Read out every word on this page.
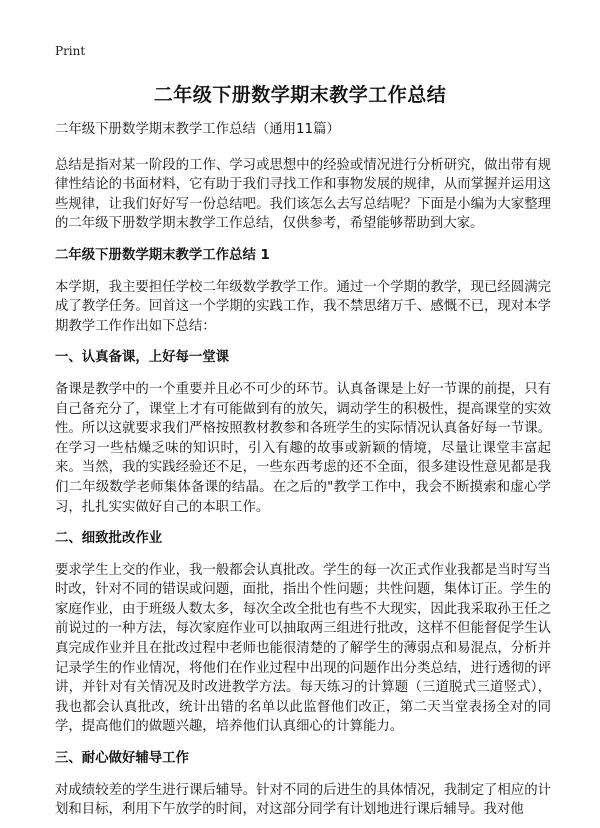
Print
二年级下册数学期末教学工作总结

二年级下册数学期末教学工作总结（通用11篇）

总结是指对某一阶段的工作、学习或思想中的经验或情况进行分析研究，做出带有规律性结论的书面材料，它有助于我们寻找工作和事物发展的规律，从而掌握并运用这些规律，让我们好好写一份总结吧。我们该怎么去写总结呢？下面是小编为大家整理的二年级下册数学期末教学工作总结，仅供参考，希望能够帮助到大家。

二年级下册数学期末教学工作总结 1

本学期，我主要担任学校二年级数学教学工作。通过一个学期的教学，现已经圆满完成了教学任务。回首这一个学期的实践工作，我不禁思绪万千、感慨不已，现对本学期教学工作作出如下总结：

一、认真备课，上好每一堂课

备课是教学中的一个重要并且必不可少的环节。认真备课是上好一节课的前提，只有自己备充分了，课堂上才有可能做到有的放矢，调动学生的积极性，提高课堂的实效性。所以这就要求我们严格按照教材教参和各班学生的实际情况认真备好每一节课。在学习一些枯燥乏味的知识时，引入有趣的故事或新颖的情境，尽量让课堂丰富起来。当然，我的实践经验还不足，一些东西考虑的还不全面，很多建设性意见都是我们二年级数学老师集体备课的结晶。在之后的"教学工作中，我会不断摸索和虚心学习，扎扎实实做好自己的本职工作。

二、细致批改作业

要求学生上交的作业，我一般都会认真批改。学生的每一次正式作业我都是当时写当时改，针对不同的错误或问题，面批，指出个性问题；共性问题，集体订正。学生的家庭作业，由于班级人数太多，每次全改全批也有些不大现实，因此我采取孙王任之前说过的一种方法，每次家庭作业可以抽取两三组进行批改，这样不但能督促学生认真完成作业并且在批改过程中老师也能很清楚的了解学生的薄弱点和易混点，分析并记录学生的作业情况，将他们在作业过程中出现的问题作出分类总结，进行透彻的评讲，并针对有关情况及时改进教学方法。每天练习的计算题（三道脱式三道竖式），我也都会认真批改，统计出错的名单以此监督他们改正，第二天当堂表扬全对的同学，提高他们的做题兴趣，培养他们认真细心的计算能力。

三、耐心做好辅导工作

对成绩较差的学生进行课后辅导。针对不同的后进生的具体情况，我制定了相应的计划和目标，利用下午放学的时间，对这部分同学有计划地进行课后辅导。我对他
